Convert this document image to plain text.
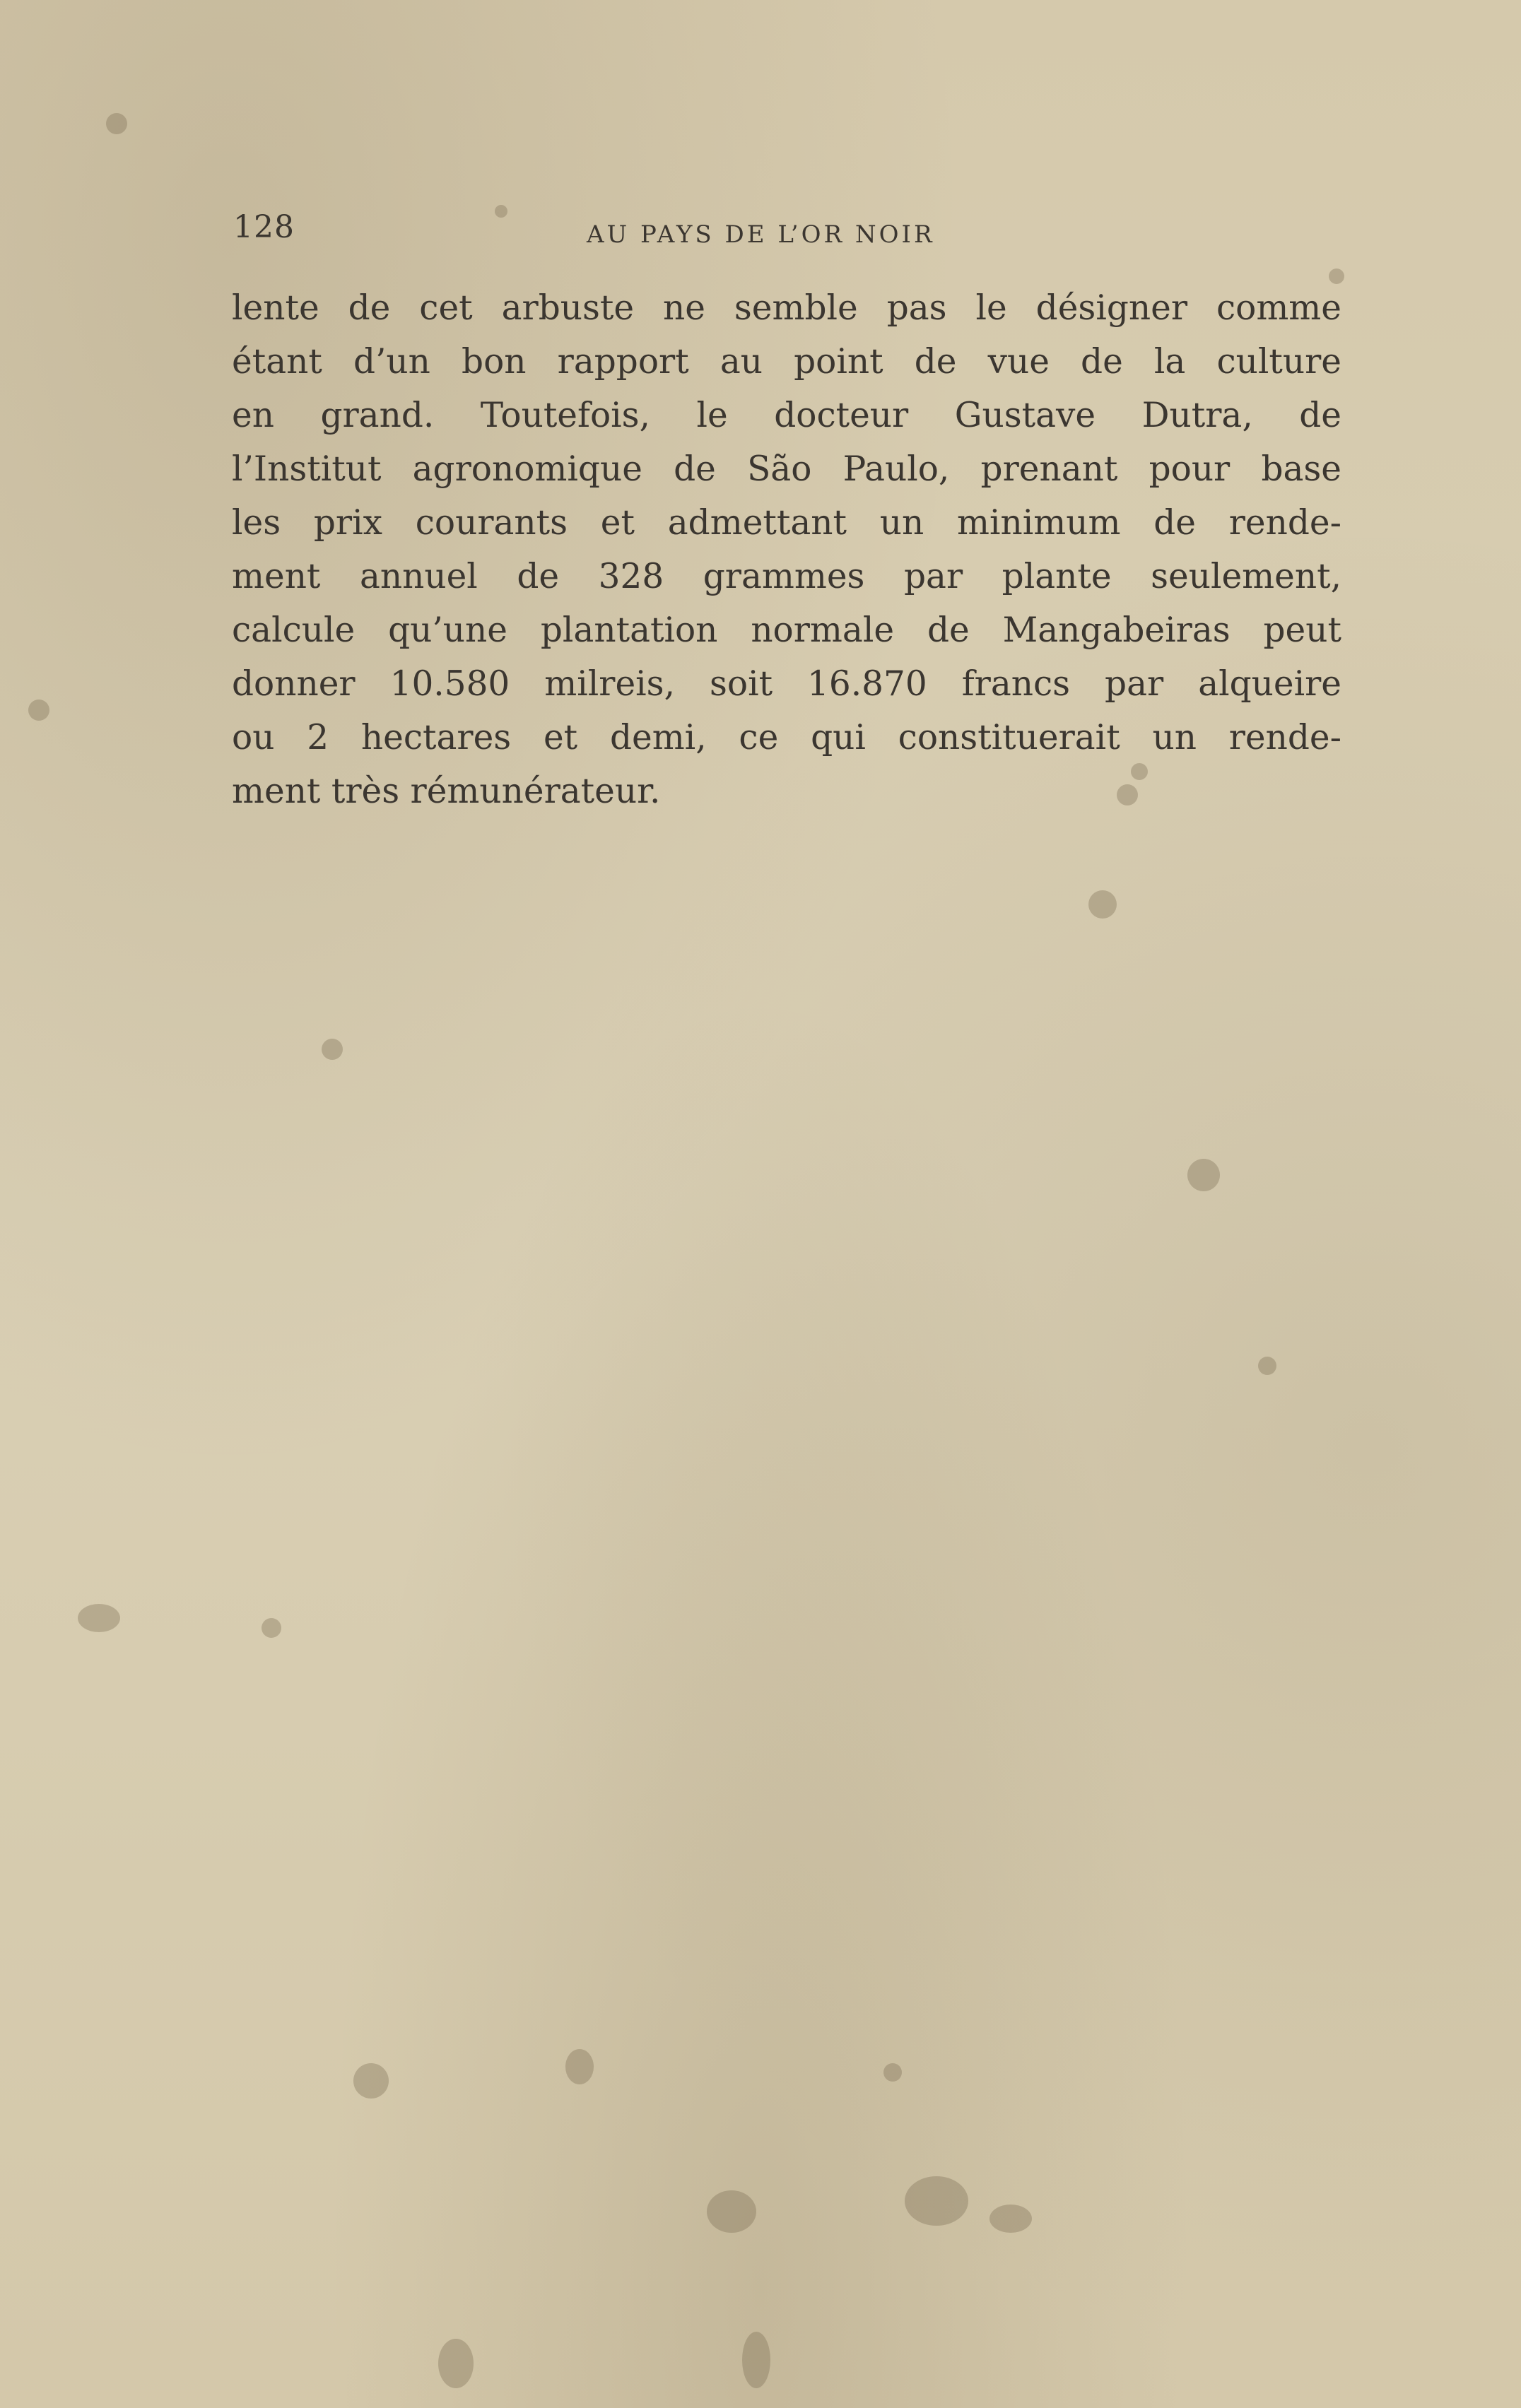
128	AU PAYS DE L’OR NOIR
lente de cet arbuste ne semble pas le désigner comme
étant d’un bon rapport au point de vue de la culture
en grand. Toutefois, le docteur Gustave Dutra, de
l’Institut agronomique de São Paulo, prenant pour base
les prix courants et admettant un minimum de rende-
ment annuel de 328 grammes par plante seulement,
calcule qu’une plantation normale de Mangabeiras peut
donner 10.580 milreis, soit 16.870 francs par alqueire
ou 2 hectares et demi, ce qui constituerait un rende-
ment très rémunérateur.
